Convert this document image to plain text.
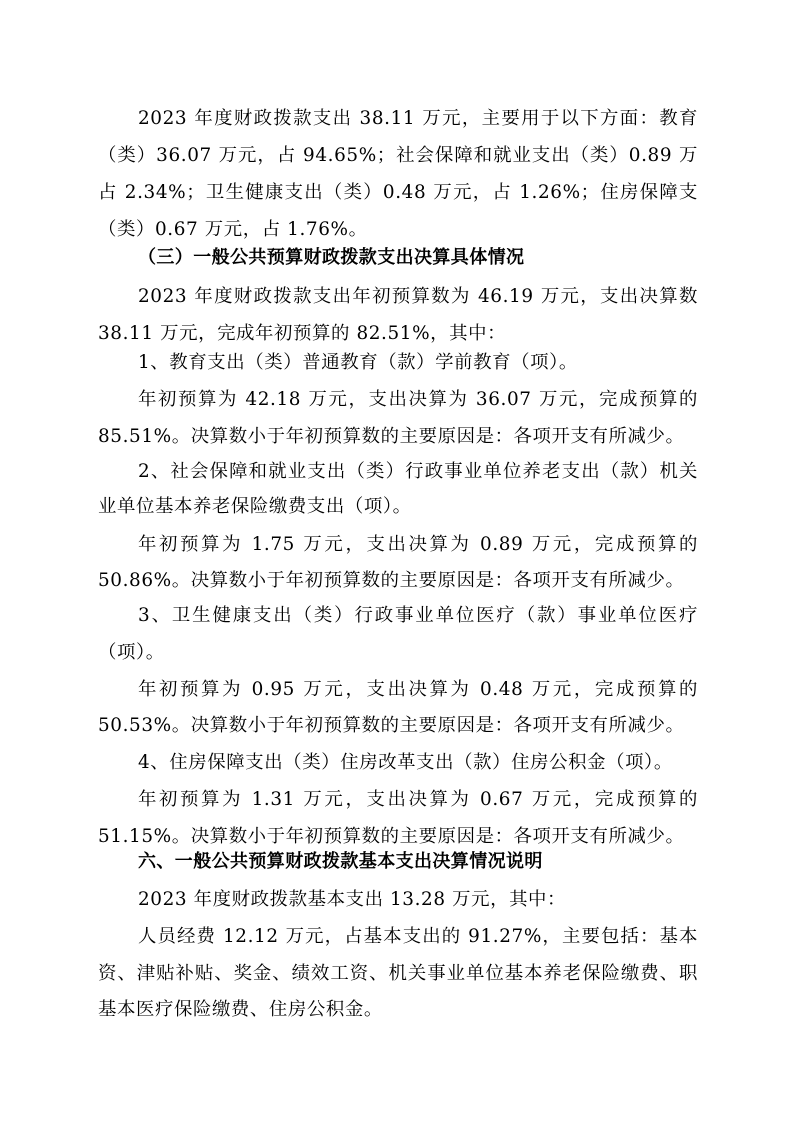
2023 年度财政拨款支出 38.11 万元，主要用于以下方面：教育
（类）36.07 万元，占 94.65%；社会保障和就业支出（类）0.89 万
占 2.34%；卫生健康支出（类）0.48 万元，占 1.26%；住房保障支
（类）0.67 万元，占 1.76%。
（三）一般公共预算财政拨款支出决算具体情况
2023 年度财政拨款支出年初预算数为 46.19 万元，支出决算数
38.11 万元，完成年初预算的 82.51%，其中：
1、教育支出（类）普通教育（款）学前教育（项）。
年初预算为 42.18 万元，支出决算为 36.07 万元，完成预算的
85.51%。决算数小于年初预算数的主要原因是：各项开支有所减少。
2、社会保障和就业支出（类）行政事业单位养老支出（款）机关
业单位基本养老保险缴费支出（项）。
年初预算为 1.75 万元，支出决算为 0.89 万元，完成预算的
50.86%。决算数小于年初预算数的主要原因是：各项开支有所减少。
3、卫生健康支出（类）行政事业单位医疗（款）事业单位医疗
（项）。
年初预算为 0.95 万元，支出决算为 0.48 万元，完成预算的
50.53%。决算数小于年初预算数的主要原因是：各项开支有所减少。
4、住房保障支出（类）住房改革支出（款）住房公积金（项）。
年初预算为 1.31 万元，支出决算为 0.67 万元，完成预算的
51.15%。决算数小于年初预算数的主要原因是：各项开支有所减少。
六、一般公共预算财政拨款基本支出决算情况说明
2023 年度财政拨款基本支出 13.28 万元，其中：
人员经费 12.12 万元，占基本支出的 91.27%，主要包括：基本
资、津贴补贴、奖金、绩效工资、机关事业单位基本养老保险缴费、职
基本医疗保险缴费、住房公积金。
